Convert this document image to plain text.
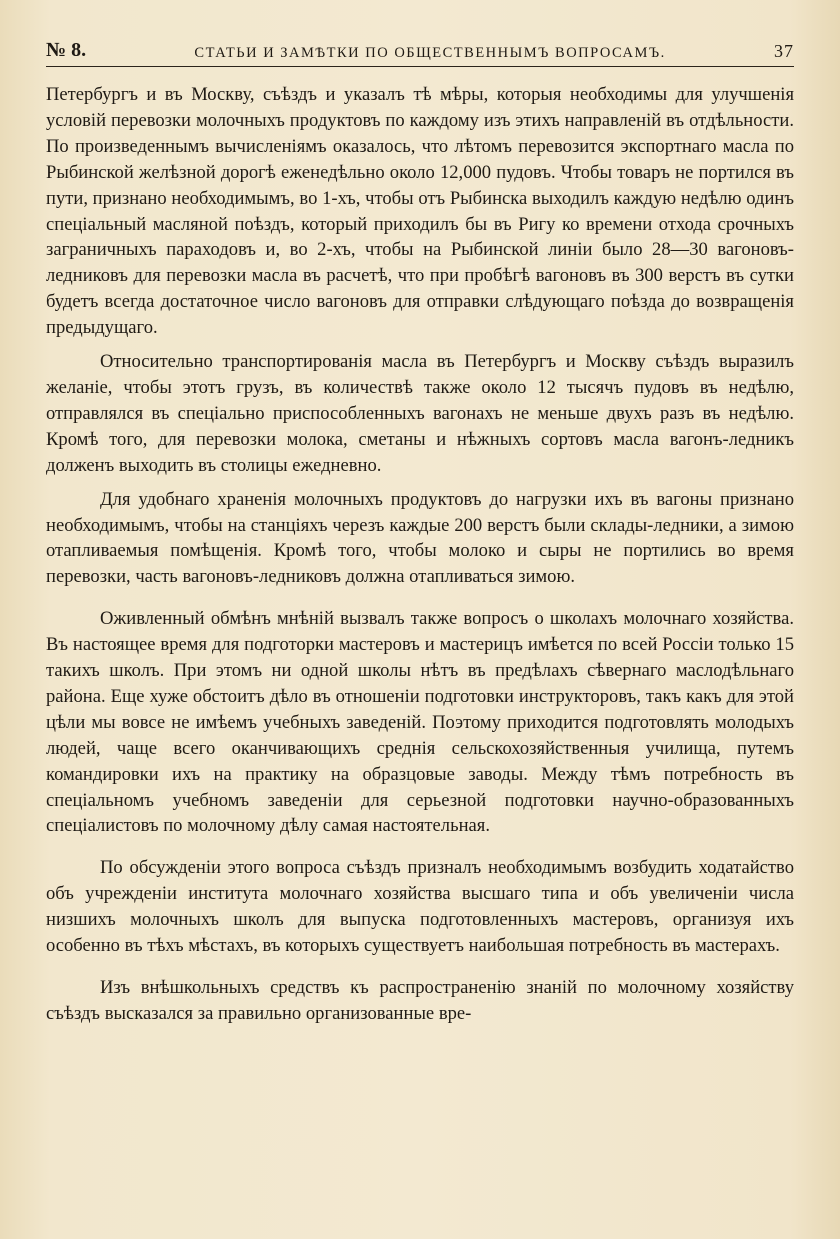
№ 8.	СТАТЬИ И ЗАМѢТКИ ПО ОБЩЕСТВЕННЫМЪ ВОПРОСАМЪ.	37

Петербургъ и въ Москву, съѣздъ и указалъ тѣ мѣры, которыя необходимы для улучшенія условій перевозки молочныхъ продуктовъ по каждому изъ этихъ направленій въ отдѣльности. По произведеннымъ вычисленіямъ оказалось, что лѣтомъ перевозится экспортнаго масла по Рыбинской желѣзной дорогѣ еженедѣльно около 12,000 пудовъ. Чтобы товаръ не портился въ пути, признано необходимымъ, во 1-хъ, чтобы отъ Рыбинска выходилъ каждую недѣлю одинъ спеціальный масляной поѣздъ, который приходилъ бы въ Ригу ко времени отхода срочныхъ заграничныхъ параходовъ и, во 2-хъ, чтобы на Рыбинской линіи было 28—30 вагоновъ-ледниковъ для перевозки масла въ расчетѣ, что при пробѣгѣ вагоновъ въ 300 верстъ въ сутки будетъ всегда достаточное число вагоновъ для отправки слѣдующаго поѣзда до возвращенія предыдущаго.

Относительно транспортированія масла въ Петербургъ и Москву съѣздъ выразилъ желаніе, чтобы этотъ грузъ, въ количествѣ также около 12 тысячъ пудовъ въ недѣлю, отправлялся въ спеціально приспособленныхъ вагонахъ не меньше двухъ разъ въ недѣлю. Кромѣ того, для перевозки молока, сметаны и нѣжныхъ сортовъ масла вагонъ-ледникъ долженъ выходить въ столицы ежедневно.

Для удобнаго храненія молочныхъ продуктовъ до нагрузки ихъ въ вагоны признано необходимымъ, чтобы на станціяхъ черезъ каждые 200 верстъ были склады-ледники, а зимою отапливаемыя помѣщенія. Кромѣ того, чтобы молоко и сыры не портились во время перевозки, часть вагоновъ-ледниковъ должна отапливаться зимою.

Оживленный обмѣнъ мнѣній вызвалъ также вопросъ о школахъ молочнаго хозяйства. Въ настоящее время для подготорки мастеровъ и мастерицъ имѣется по всей Россіи только 15 такихъ школъ. При этомъ ни одной школы нѣтъ въ предѣлахъ сѣвернаго маслодѣльнаго района. Еще хуже обстоитъ дѣло въ отношеніи подготовки инструкторовъ, такъ какъ для этой цѣли мы вовсе не имѣемъ учебныхъ заведеній. Поэтому приходится подготовлять молодыхъ людей, чаще всего оканчивающихъ среднія сельскохозяйственныя училища, путемъ командировки ихъ на практику на образцовые заводы. Между тѣмъ потребность въ спеціальномъ учебномъ заведеніи для серьезной подготовки научно-образованныхъ спеціалистовъ по молочному дѣлу самая настоятельная.

По обсужденіи этого вопроса съѣздъ призналъ необходимымъ возбудить ходатайство объ учрежденіи института молочнаго хозяйства высшаго типа и объ увеличеніи числа низшихъ молочныхъ школъ для выпуска подготовленныхъ мастеровъ, организуя ихъ особенно въ тѣхъ мѣстахъ, въ которыхъ существуетъ наибольшая потребность въ мастерахъ.

Изъ внѣшкольныхъ средствъ къ распространенію знаній по молочному хозяйству съѣздъ высказался за правильно организованные вре-
